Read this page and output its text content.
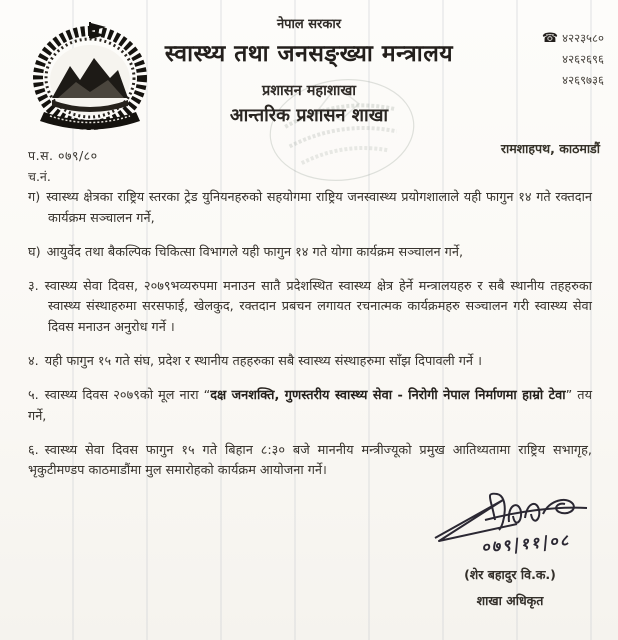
नेपाल सरकार
स्वास्थ्य तथा जनसङ्ख्या मन्त्रालय
प्रशासन महाशाखा
आन्तरिक प्रशासन शाखा
☎ ४२२३५८०
४२६२६९६
४२६९७३६
रामशाहपथ, काठमाडौं
प.स. ०७९/८०
च.नं.

ग) स्वास्थ्य क्षेत्रका राष्ट्रिय स्तरका ट्रेड युनियनहरुको सहयोगमा राष्ट्रिय जनस्वास्थ्य प्रयोगशालाले यही फागुन १४ गते रक्तदान कार्यक्रम सञ्चालन गर्ने,

घ) आयुर्वेद तथा बैकल्पिक चिकित्सा विभागले यही फागुन १४ गते योगा कार्यक्रम सञ्चालन गर्ने,

३. स्वास्थ्य सेवा दिवस, २०७९भव्यरुपमा मनाउन सातै प्रदेशस्थित स्वास्थ्य क्षेत्र हेर्ने मन्त्रालयहरु र सबै स्थानीय तहहरुका स्वास्थ्य संस्थाहरुमा सरसफाई, खेलकुद, रक्तदान प्रबचन लगायत रचनात्मक कार्यक्रमहरु सञ्चालन गरी स्वास्थ्य सेवा दिवस मनाउन अनुरोध गर्ने ।

४. यही फागुन १५ गते संघ, प्रदेश र स्थानीय तहहरुका सबै स्वास्थ्य संस्थाहरुमा साँझ दिपावली गर्ने ।

५. स्वास्थ्य दिवस २०७९को मूल नारा “दक्ष जनशक्ति, गुणस्तरीय स्वास्थ्य सेवा - निरोगी नेपाल निर्माणमा हाम्रो टेवा” तय गर्ने,

६. स्वास्थ्य सेवा दिवस फागुन १५ गते बिहान ८:३० बजे माननीय मन्त्रीज्यूको प्रमुख आतिथ्यतामा राष्ट्रिय सभागृह, भृकुटीमण्डप काठमाडौंमा मुल समारोहको कार्यक्रम आयोजना गर्ने।

०७९|११|०८
(शेर बहादुर वि.क.)
शाखा अधिकृत
